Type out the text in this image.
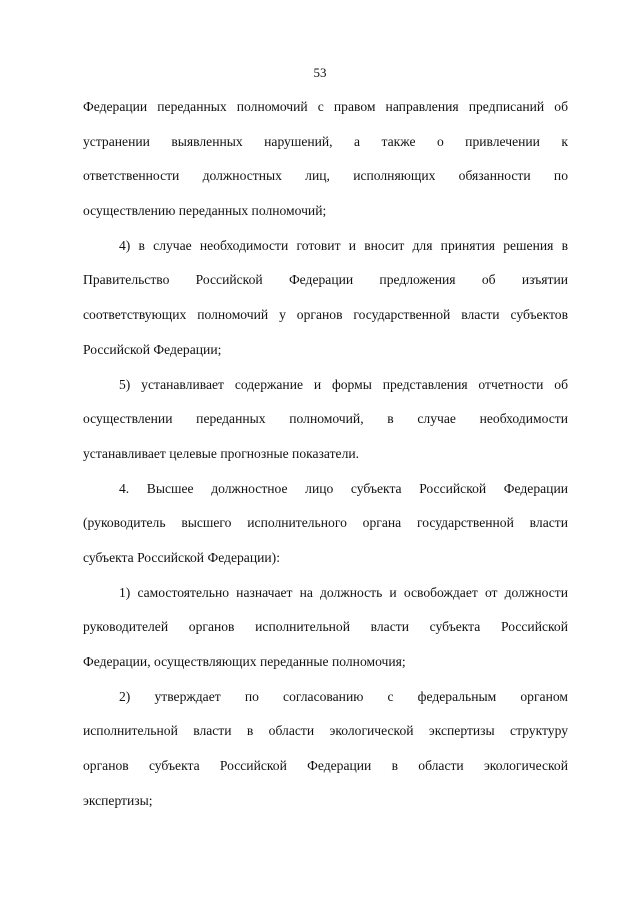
53
Федерации переданных полномочий с правом направления предписаний об
устранении выявленных нарушений, а также о привлечении к
ответственности должностных лиц, исполняющих обязанности по
осуществлению переданных полномочий;
4) в случае необходимости готовит и вносит для принятия решения в
Правительство Российской Федерации предложения об изъятии
соответствующих полномочий у органов государственной власти субъектов
Российской Федерации;
5) устанавливает содержание и формы представления отчетности об
осуществлении переданных полномочий, в случае необходимости
устанавливает целевые прогнозные показатели.
4. Высшее должностное лицо субъекта Российской Федерации
(руководитель высшего исполнительного органа государственной власти
субъекта Российской Федерации):
1) самостоятельно назначает на должность и освобождает от должности
руководителей органов исполнительной власти субъекта Российской
Федерации, осуществляющих переданные полномочия;
2) утверждает по согласованию с федеральным органом
исполнительной власти в области экологической экспертизы структуру
органов субъекта Российской Федерации в области экологической
экспертизы;
